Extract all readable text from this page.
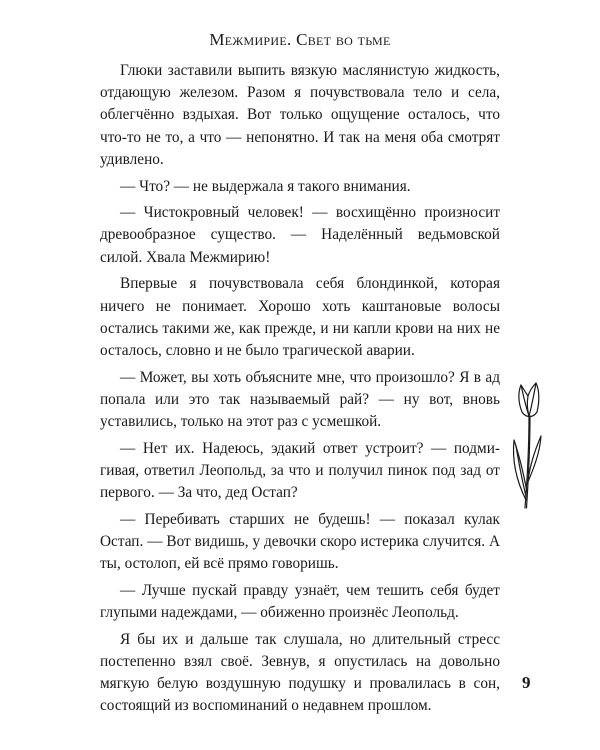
Межмирие. Свет во тьме

Глюки заставили выпить вязкую маслянистую жидкость, отдающую железом. Разом я почувствовала тело и села, облегчённо вздыхая. Вот только ощущение осталось, что что-то не то, а что — непонятно. И так на меня оба смотрят удивлено.

— Что? — не выдержала я такого внимания.

— Чистокровный человек! — восхищённо произносит древообразное существо. — Наделённый ведьмовской силой. Хвала Межмирию!

Впервые я почувствовала себя блондинкой, которая ничего не понимает. Хорошо хоть каштановые волосы остались такими же, как прежде, и ни капли крови на них не осталось, словно и не было трагической аварии.

— Может, вы хоть объясните мне, что произошло? Я в ад попала или это так называемый рай? — ну вот, вновь уставились, только на этот раз с усмешкой.

— Нет их. Надеюсь, эдакий ответ устроит? — подмигивая, ответил Леопольд, за что и получил пинок под зад от первого. — За что, дед Остап?

— Перебивать старших не будешь! — показал кулак Остап. — Вот видишь, у девочки скоро истерика случится. А ты, остолоп, ей всё прямо говоришь.

— Лучше пускай правду узнаёт, чем тешить себя будет глупыми надеждами, — обиженно произнёс Леопольд.

Я бы их и дальше так слушала, но длительный стресс постепенно взял своё. Зевнув, я опустилась на довольно мягкую белую воздушную подушку и провалилась в сон, состоящий из воспоминаний о недавнем прошлом.

9
